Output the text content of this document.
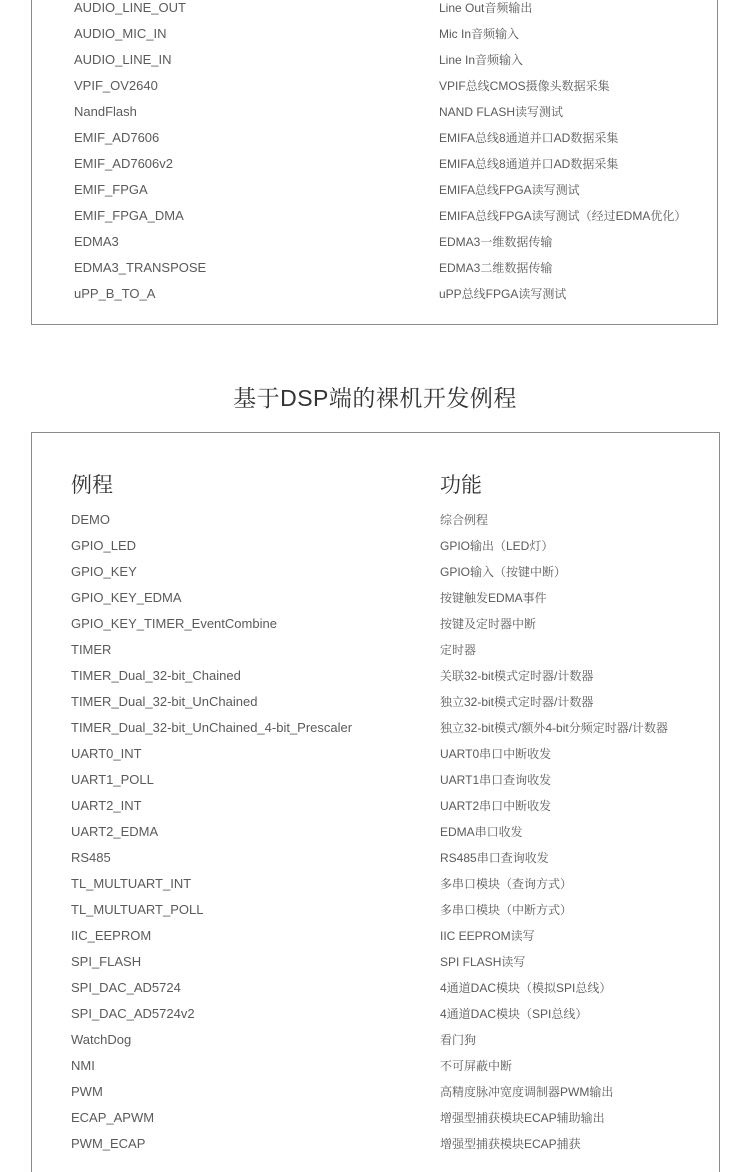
AUDIO_LINE_OUT	Line Out音频输出
AUDIO_MIC_IN	Mic In音频输入
AUDIO_LINE_IN	Line In音频输入
VPIF_OV2640	VPIF总线CMOS摄像头数据采集
NandFlash	NAND FLASH读写测试
EMIF_AD7606	EMIFA总线8通道并口AD数据采集
EMIF_AD7606v2	EMIFA总线8通道并口AD数据采集
EMIF_FPGA	EMIFA总线FPGA读写测试
EMIF_FPGA_DMA	EMIFA总线FPGA读写测试（经过EDMA优化）
EDMA3	EDMA3一维数据传输
EDMA3_TRANSPOSE	EDMA3二维数据传输
uPP_B_TO_A	uPP总线FPGA读写测试
基于DSP端的裸机开发例程
例程	功能
DEMO	综合例程
GPIO_LED	GPIO输出（LED灯）
GPIO_KEY	GPIO输入（按键中断）
GPIO_KEY_EDMA	按键触发EDMA事件
GPIO_KEY_TIMER_EventCombine	按键及定时器中断
TIMER	定时器
TIMER_Dual_32-bit_Chained	关联32-bit模式定时器/计数器
TIMER_Dual_32-bit_UnChained	独立32-bit模式定时器/计数器
TIMER_Dual_32-bit_UnChained_4-bit_Prescaler	独立32-bit模式/额外4-bit分频定时器/计数器
UART0_INT	UART0串口中断收发
UART1_POLL	UART1串口查询收发
UART2_INT	UART2串口中断收发
UART2_EDMA	EDMA串口收发
RS485	RS485串口查询收发
TL_MULTUART_INT	多串口模块（查询方式）
TL_MULTUART_POLL	多串口模块（中断方式）
IIC_EEPROM	IIC EEPROM读写
SPI_FLASH	SPI FLASH读写
SPI_DAC_AD5724	4通道DAC模块（模拟SPI总线）
SPI_DAC_AD5724v2	4通道DAC模块（SPI总线）
WatchDog	看门狗
NMI	不可屏蔽中断
PWM	高精度脉冲宽度调制器PWM输出
ECAP_APWM	增强型捕获模块ECAP辅助输出
PWM_ECAP	增强型捕获模块ECAP捕获
